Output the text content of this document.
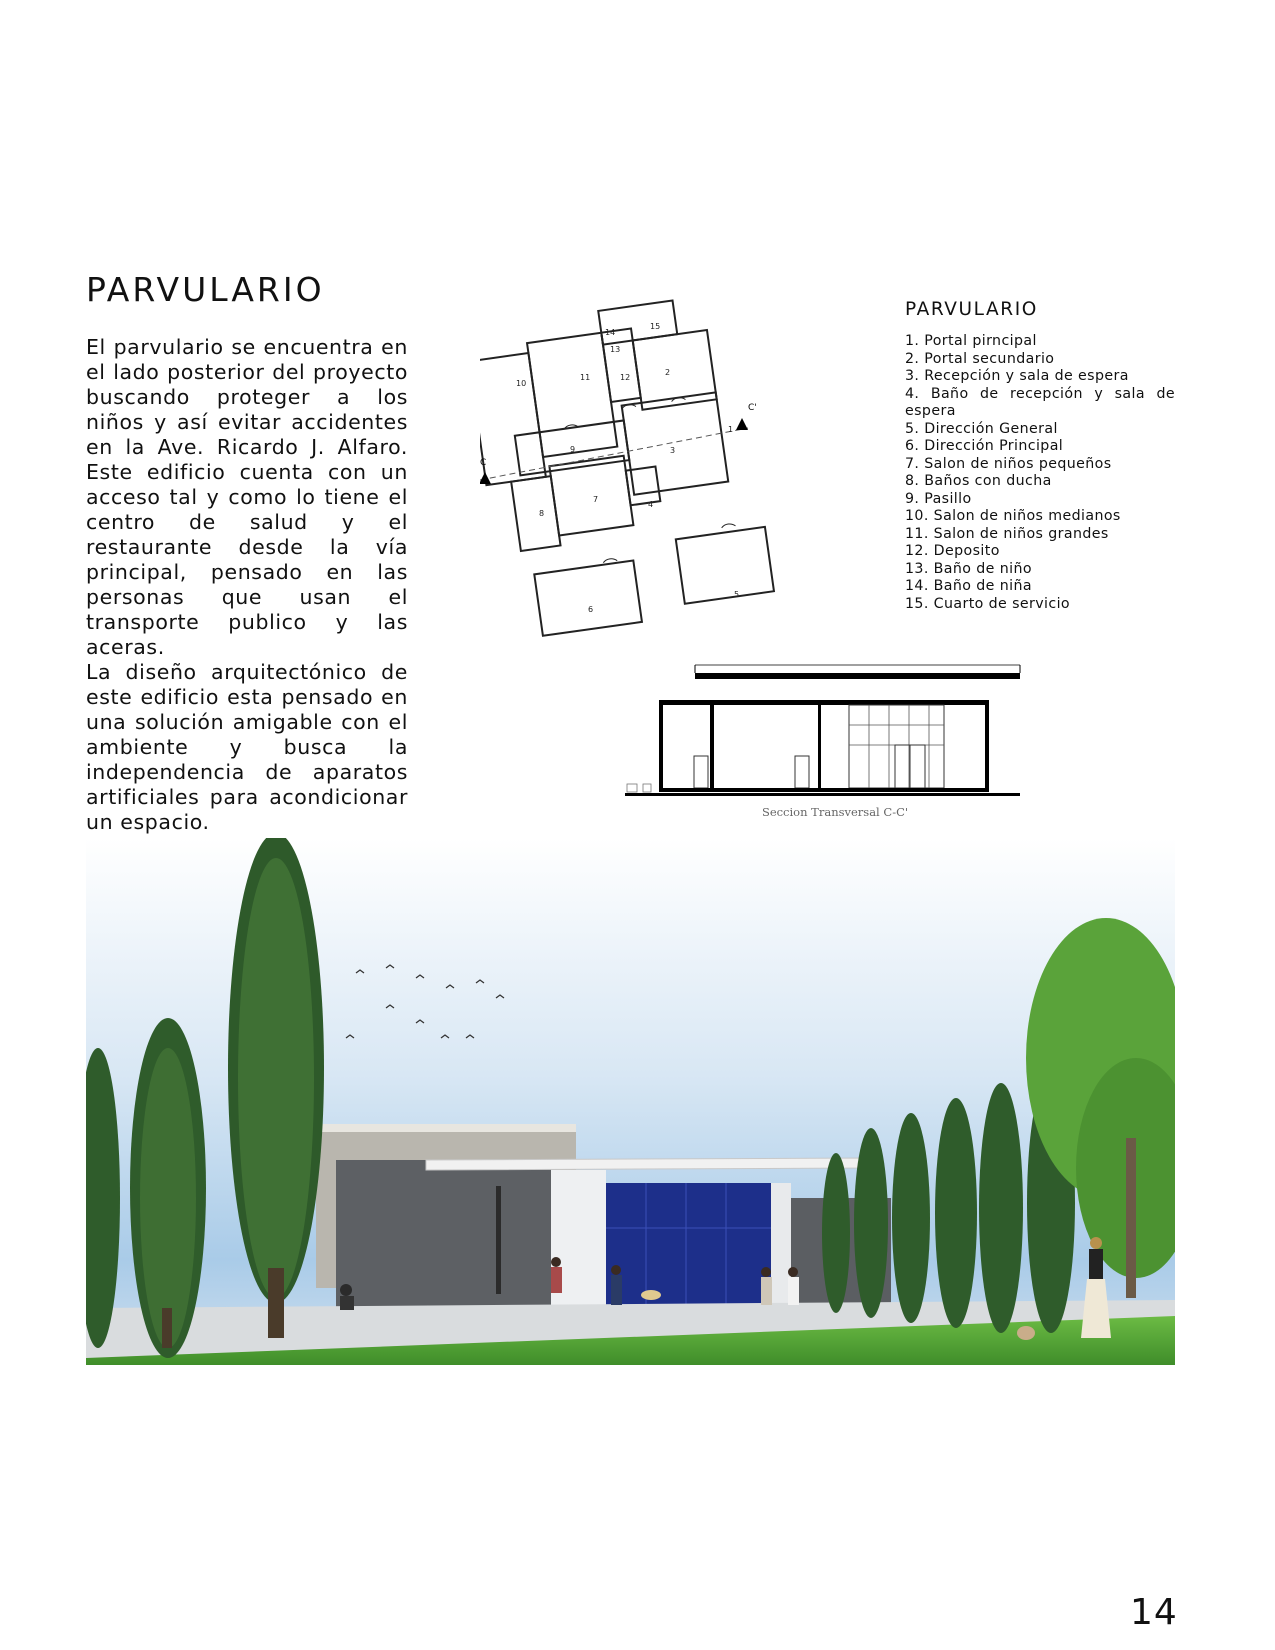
PARVULARIO

El parvulario se encuentra en el lado posterior del proyecto buscando proteger a los niños y así evitar accidentes en la Ave. Ricardo J. Alfaro. Este edificio cuenta con un acceso tal y como lo tiene el centro de salud y el restaurante desde la vía principal, pensado en las personas que usan el transporte publico y las aceras.

La diseño arquitectónico de este edificio esta pensado en una solución amigable con el ambiente y busca la independencia de aparatos artificiales para acondicionar un espacio.

PARVULARIO
1. Portal pirncipal
2. Portal secundario
3. Recepción y sala de espera
4. Baño de recepción y sala de espera
5. Dirección General
6. Dirección Principal
7. Salon de niños pequeños
8. Baños con ducha
9. Pasillo
10. Salon de niños medianos
11. Salon de niños grandes
12. Deposito
13. Baño de niño
14. Baño de niña
15. Cuarto de servicio
C'
C
1
2
3
4
5
6
7
8
9
10
11	12
13
14
15
Seccion Transversal C-C'
14
